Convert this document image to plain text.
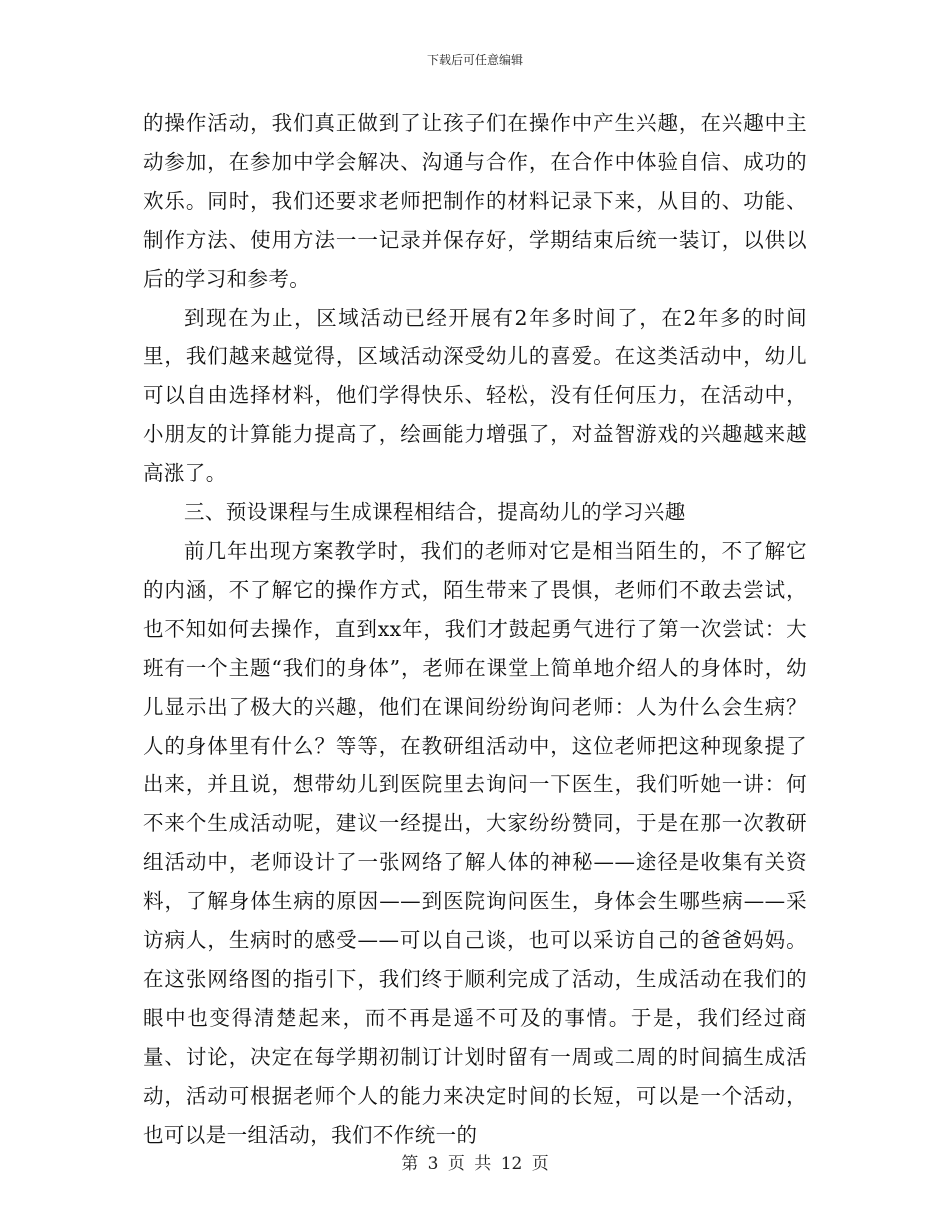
下载后可任意编辑

的操作活动，我们真正做到了让孩子们在操作中产生兴趣，在兴趣中主动参加，在参加中学会解决、沟通与合作，在合作中体验自信、成功的欢乐。同时，我们还要求老师把制作的材料记录下来，从目的、功能、制作方法、使用方法一一记录并保存好，学期结束后统一装订，以供以后的学习和参考。

到现在为止，区域活动已经开展有2年多时间了，在2年多的时间里，我们越来越觉得，区域活动深受幼儿的喜爱。在这类活动中，幼儿可以自由选择材料，他们学得快乐、轻松，没有任何压力，在活动中，小朋友的计算能力提高了，绘画能力增强了，对益智游戏的兴趣越来越高涨了。

三、预设课程与生成课程相结合，提高幼儿的学习兴趣

前几年出现方案教学时，我们的老师对它是相当陌生的，不了解它的内涵，不了解它的操作方式，陌生带来了畏惧，老师们不敢去尝试，也不知如何去操作，直到xx年，我们才鼓起勇气进行了第一次尝试：大班有一个主题“我们的身体”，老师在课堂上简单地介绍人的身体时，幼儿显示出了极大的兴趣，他们在课间纷纷询问老师：人为什么会生病？人的身体里有什么？等等，在教研组活动中，这位老师把这种现象提了出来，并且说，想带幼儿到医院里去询问一下医生，我们听她一讲：何不来个生成活动呢，建议一经提出，大家纷纷赞同，于是在那一次教研组活动中，老师设计了一张网络了解人体的神秘——途径是收集有关资料，了解身体生病的原因——到医院询问医生，身体会生哪些病——采访病人，生病时的感受——可以自己谈，也可以采访自己的爸爸妈妈。在这张网络图的指引下，我们终于顺利完成了活动，生成活动在我们的眼中也变得清楚起来，而不再是遥不可及的事情。于是，我们经过商量、讨论，决定在每学期初制订计划时留有一周或二周的时间搞生成活动，活动可根据老师个人的能力来决定时间的长短，可以是一个活动，也可以是一组活动，我们不作统一的

第 3 页 共 12 页
